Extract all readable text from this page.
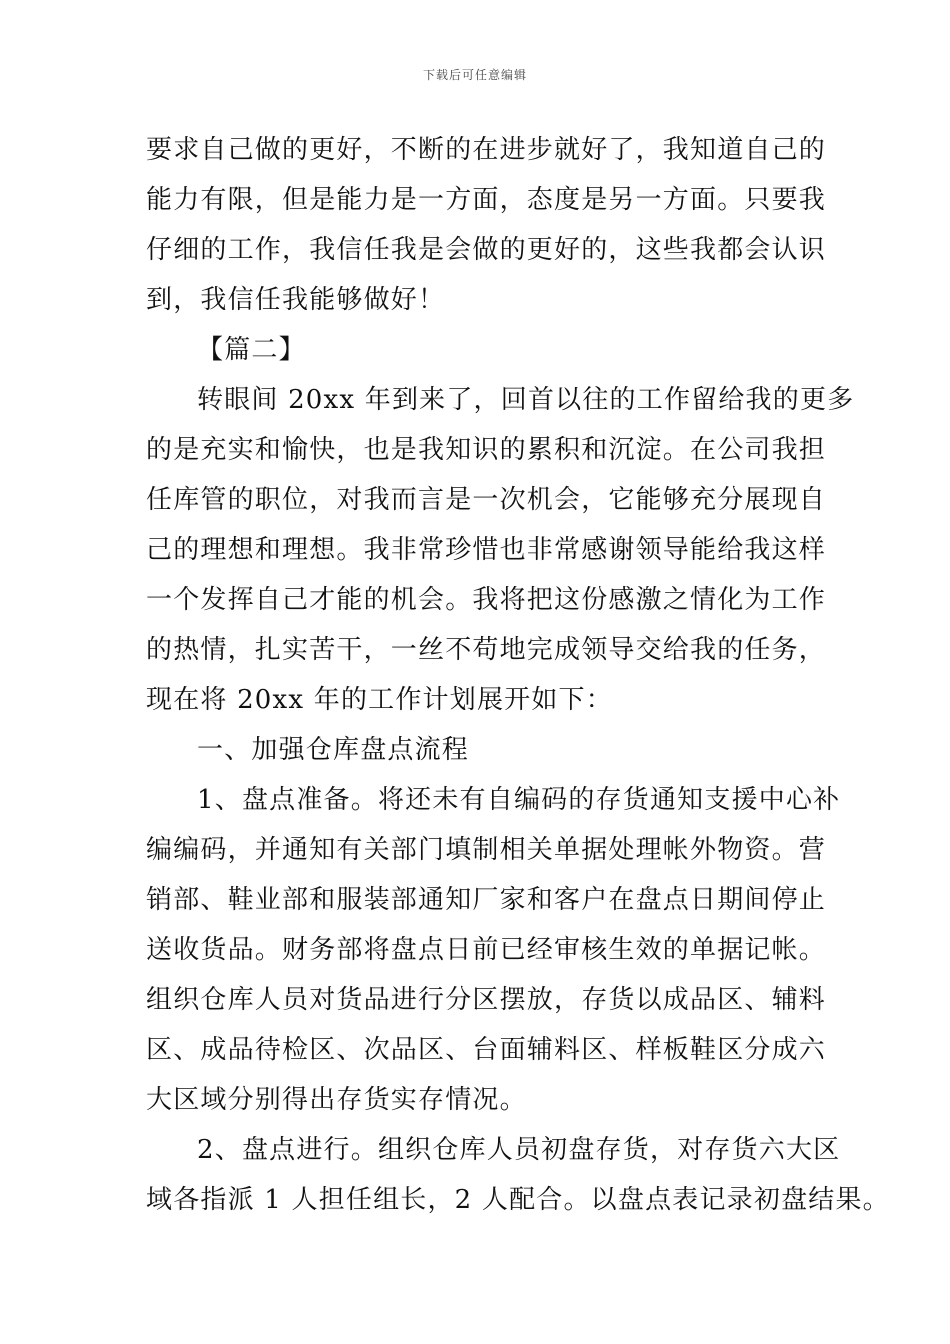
下载后可任意编辑
要求自己做的更好，不断的在进步就好了，我知道自己的
能力有限，但是能力是一方面，态度是另一方面。只要我
仔细的工作，我信任我是会做的更好的，这些我都会认识
到，我信任我能够做好！
【篇二】
转眼间 20xx 年到来了，回首以往的工作留给我的更多
的是充实和愉快，也是我知识的累积和沉淀。在公司我担
任库管的职位，对我而言是一次机会，它能够充分展现自
己的理想和理想。我非常珍惜也非常感谢领导能给我这样
一个发挥自己才能的机会。我将把这份感激之情化为工作
的热情，扎实苦干，一丝不苟地完成领导交给我的任务，
现在将 20xx 年的工作计划展开如下：
一、加强仓库盘点流程
1、盘点准备。将还未有自编码的存货通知支援中心补
编编码，并通知有关部门填制相关单据处理帐外物资。营
销部、鞋业部和服装部通知厂家和客户在盘点日期间停止
送收货品。财务部将盘点日前已经审核生效的单据记帐。
组织仓库人员对货品进行分区摆放，存货以成品区、辅料
区、成品待检区、次品区、台面辅料区、样板鞋区分成六
大区域分别得出存货实存情况。
2、盘点进行。组织仓库人员初盘存货，对存货六大区
域各指派 1 人担任组长，2 人配合。以盘点表记录初盘结果。
